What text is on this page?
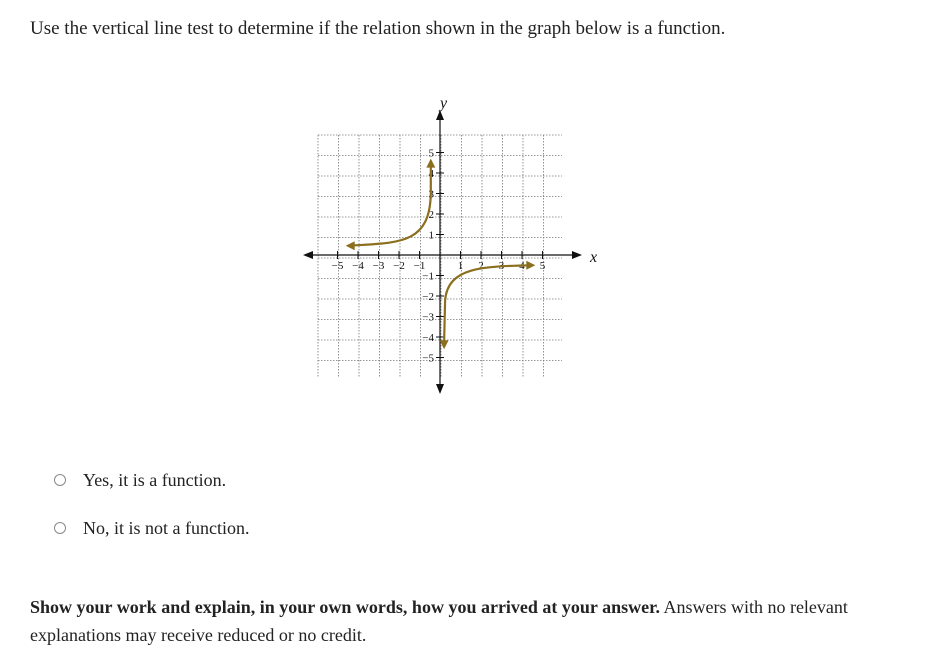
Use the vertical line test to determine if the relation shown in the graph below is a function.

−5 −4 −3 −2 −1	1 2 3 4 5
5
4
3
2
1
−1
−2
−3
−4
−5
x
y
Yes, it is a function.
No, it is not a function.

Show your work and explain, in your own words, how you arrived at your answer. Answers with no relevant explanations may receive reduced or no credit.
